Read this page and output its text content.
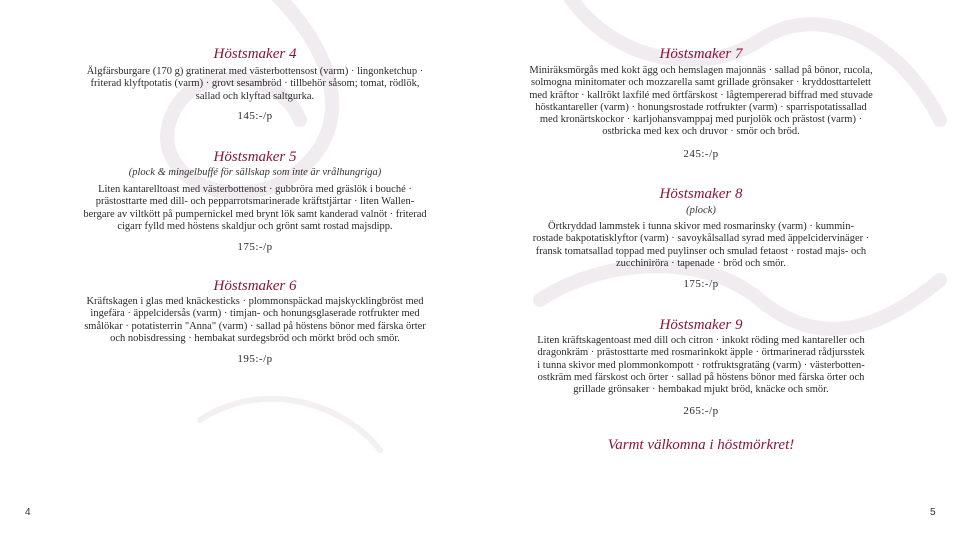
Höstsmaker 4
Älgfärsburgare (170 g) gratinerat med västerbottensost (varm) · lingonketchup ·
friterad klyftpotatis (varm) · grovt sesambröd · tillbehör såsom; tomat, rödlök,
sallad och klyftad saltgurka.
145:-/p
Höstsmaker 5
(plock & mingelbuffé för sällskap som inte är vrålhungriga)
Liten kantarelltoast med västerbottenost · gubbröra med gräslök i bouché ·
prästosttarte med dill- och pepparrotsmarinerade kräftstjärtar · liten Wallen-
bergare av viltkött på pumpernickel med brynt lök samt kanderad valnöt · friterad
cigarr fylld med höstens skaldjur och grönt samt rostad majsdipp.
175:-/p
Höstsmaker 6
Kräftskagen i glas med knäckesticks · plommonspäckad majskycklingbröst med
ingefära · äppelcidersås (varm) · timjan- och honungsglaserade rotfrukter med
smålökar · potatisterrin "Anna" (varm) · sallad på höstens bönor med färska örter
och nobisdressing · hembakat surdegsbröd och mörkt bröd och smör.
195:-/p
4
Höstsmaker 7
Miniräksmörgås med kokt ägg och hemslagen majonnäs · sallad på bönor, rucola,
solmogna minitomater och mozzarella samt grillade grönsaker · kryddosttartelett
med kräftor · kallrökt laxfilé med örtfärskost · lågtempererad biffrad med stuvade
höstkantareller (varm) · honungsrostade rotfrukter (varm) · sparrispotatissallad
med kronärtskockor · karljohansvamppaj med purjolök och prästost (varm) ·
ostbricka med kex och druvor · smör och bröd.
245:-/p
Höstsmaker 8
(plock)
Örtkryddad lammstek i tunna skivor med rosmarinsky (varm) · kummin-
rostade bakpotatisklyftor (varm) · savoykålsallad syrad med äppelcidervinäger ·
fransk tomatsallad toppad med puylinser och smulad fetaost · rostad majs- och
zucchiniröra · tapenade · bröd och smör.
175:-/p
Höstsmaker 9
Liten kräftskagentoast med dill och citron · inkokt röding med kantareller och
dragonkräm · prästosttarte med rosmarinkokt äpple · örtmarinerad rådjursstek
i tunna skivor med plommonkompott · rotfruktsgratäng (varm) · västerbotten-
ostkräm med färskost och örter · sallad på höstens bönor med färska örter och
grillade grönsaker · hembakad mjukt bröd, knäcke och smör.
265:-/p
Varmt välkomna i höstmörkret!
5
